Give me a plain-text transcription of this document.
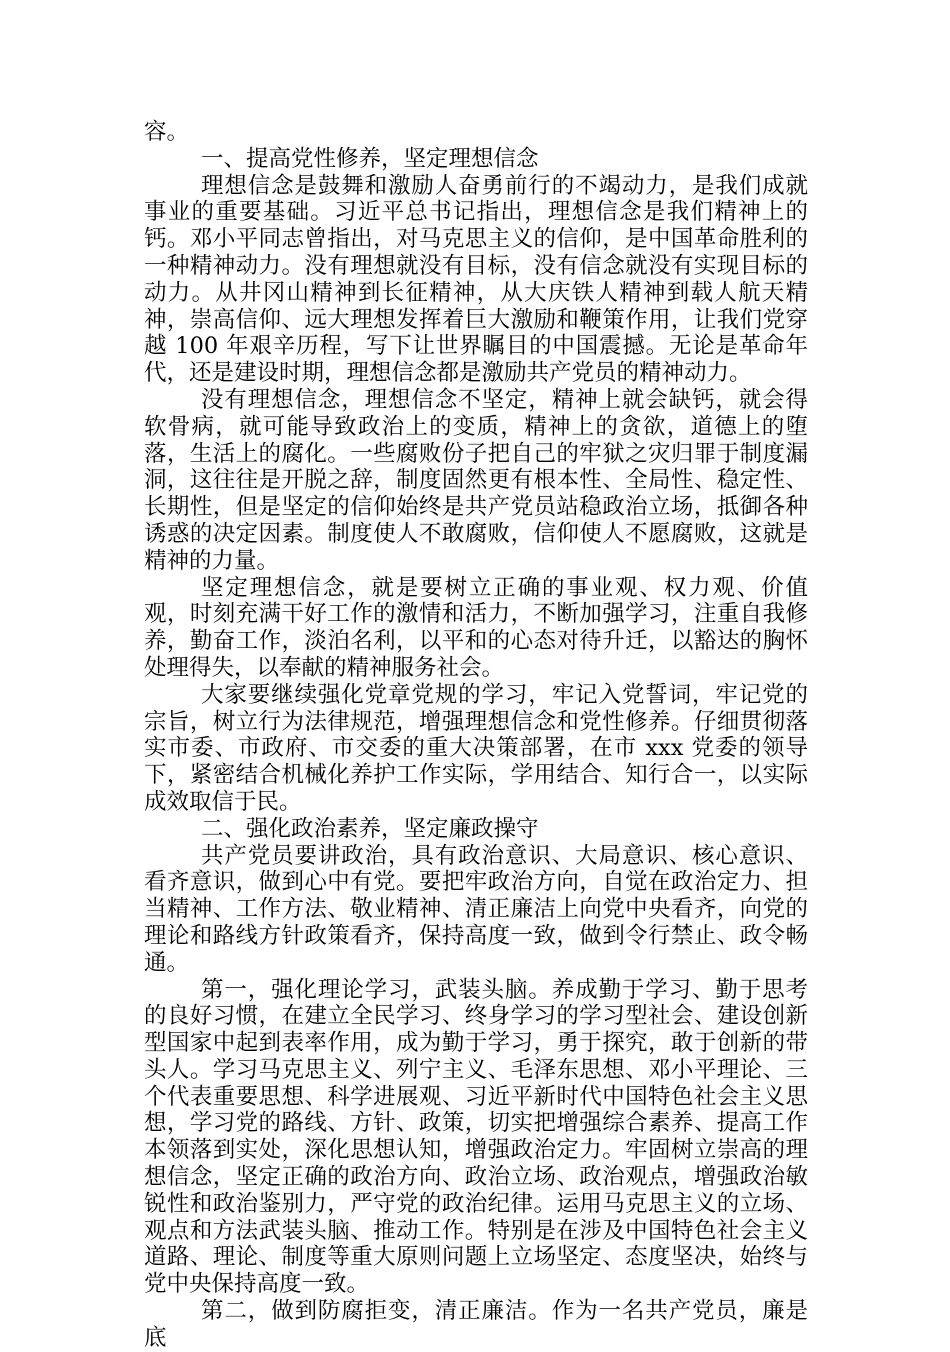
容。

一、提高党性修养，坚定理想信念

理想信念是鼓舞和激励人奋勇前行的不竭动力，是我们成就事业的重要基础。习近平总书记指出，理想信念是我们精神上的钙。邓小平同志曾指出，对马克思主义的信仰，是中国革命胜利的一种精神动力。没有理想就没有目标，没有信念就没有实现目标的动力。从井冈山精神到长征精神，从大庆铁人精神到载人航天精神，崇高信仰、远大理想发挥着巨大激励和鞭策作用，让我们党穿越 100 年艰辛历程，写下让世界瞩目的中国震撼。无论是革命年代，还是建设时期，理想信念都是激励共产党员的精神动力。

没有理想信念，理想信念不坚定，精神上就会缺钙，就会得软骨病，就可能导致政治上的变质，精神上的贪欲，道德上的堕落，生活上的腐化。一些腐败份子把自己的牢狱之灾归罪于制度漏洞，这往往是开脱之辞，制度固然更有根本性、全局性、稳定性、长期性，但是坚定的信仰始终是共产党员站稳政治立场，抵御各种诱惑的决定因素。制度使人不敢腐败，信仰使人不愿腐败，这就是精神的力量。

坚定理想信念，就是要树立正确的事业观、权力观、价值观，时刻充满干好工作的激情和活力，不断加强学习，注重自我修养，勤奋工作，淡泊名利，以平和的心态对待升迁，以豁达的胸怀处理得失，以奉献的精神服务社会。

大家要继续强化党章党规的学习，牢记入党誓词，牢记党的宗旨，树立行为法律规范，增强理想信念和党性修养。仔细贯彻落实市委、市政府、市交委的重大决策部署，在市 xxx 党委的领导下，紧密结合机械化养护工作实际，学用结合、知行合一，以实际成效取信于民。

二、强化政治素养，坚定廉政操守

共产党员要讲政治，具有政治意识、大局意识、核心意识、看齐意识，做到心中有党。要把牢政治方向，自觉在政治定力、担当精神、工作方法、敬业精神、清正廉洁上向党中央看齐，向党的理论和路线方针政策看齐，保持高度一致，做到令行禁止、政令畅通。

第一，强化理论学习，武装头脑。养成勤于学习、勤于思考的良好习惯，在建立全民学习、终身学习的学习型社会、建设创新型国家中起到表率作用，成为勤于学习，勇于探究，敢于创新的带头人。学习马克思主义、列宁主义、毛泽东思想、邓小平理论、三个代表重要思想、科学进展观、习近平新时代中国特色社会主义思想，学习党的路线、方针、政策，切实把增强综合素养、提高工作本领落到实处，深化思想认知，增强政治定力。牢固树立崇高的理想信念，坚定正确的政治方向、政治立场、政治观点，增强政治敏锐性和政治鉴别力，严守党的政治纪律。运用马克思主义的立场、观点和方法武装头脑、推动工作。特别是在涉及中国特色社会主义道路、理论、制度等重大原则问题上立场坚定、态度坚决，始终与党中央保持高度一致。

第二，做到防腐拒变，清正廉洁。作为一名共产党员，廉是底
